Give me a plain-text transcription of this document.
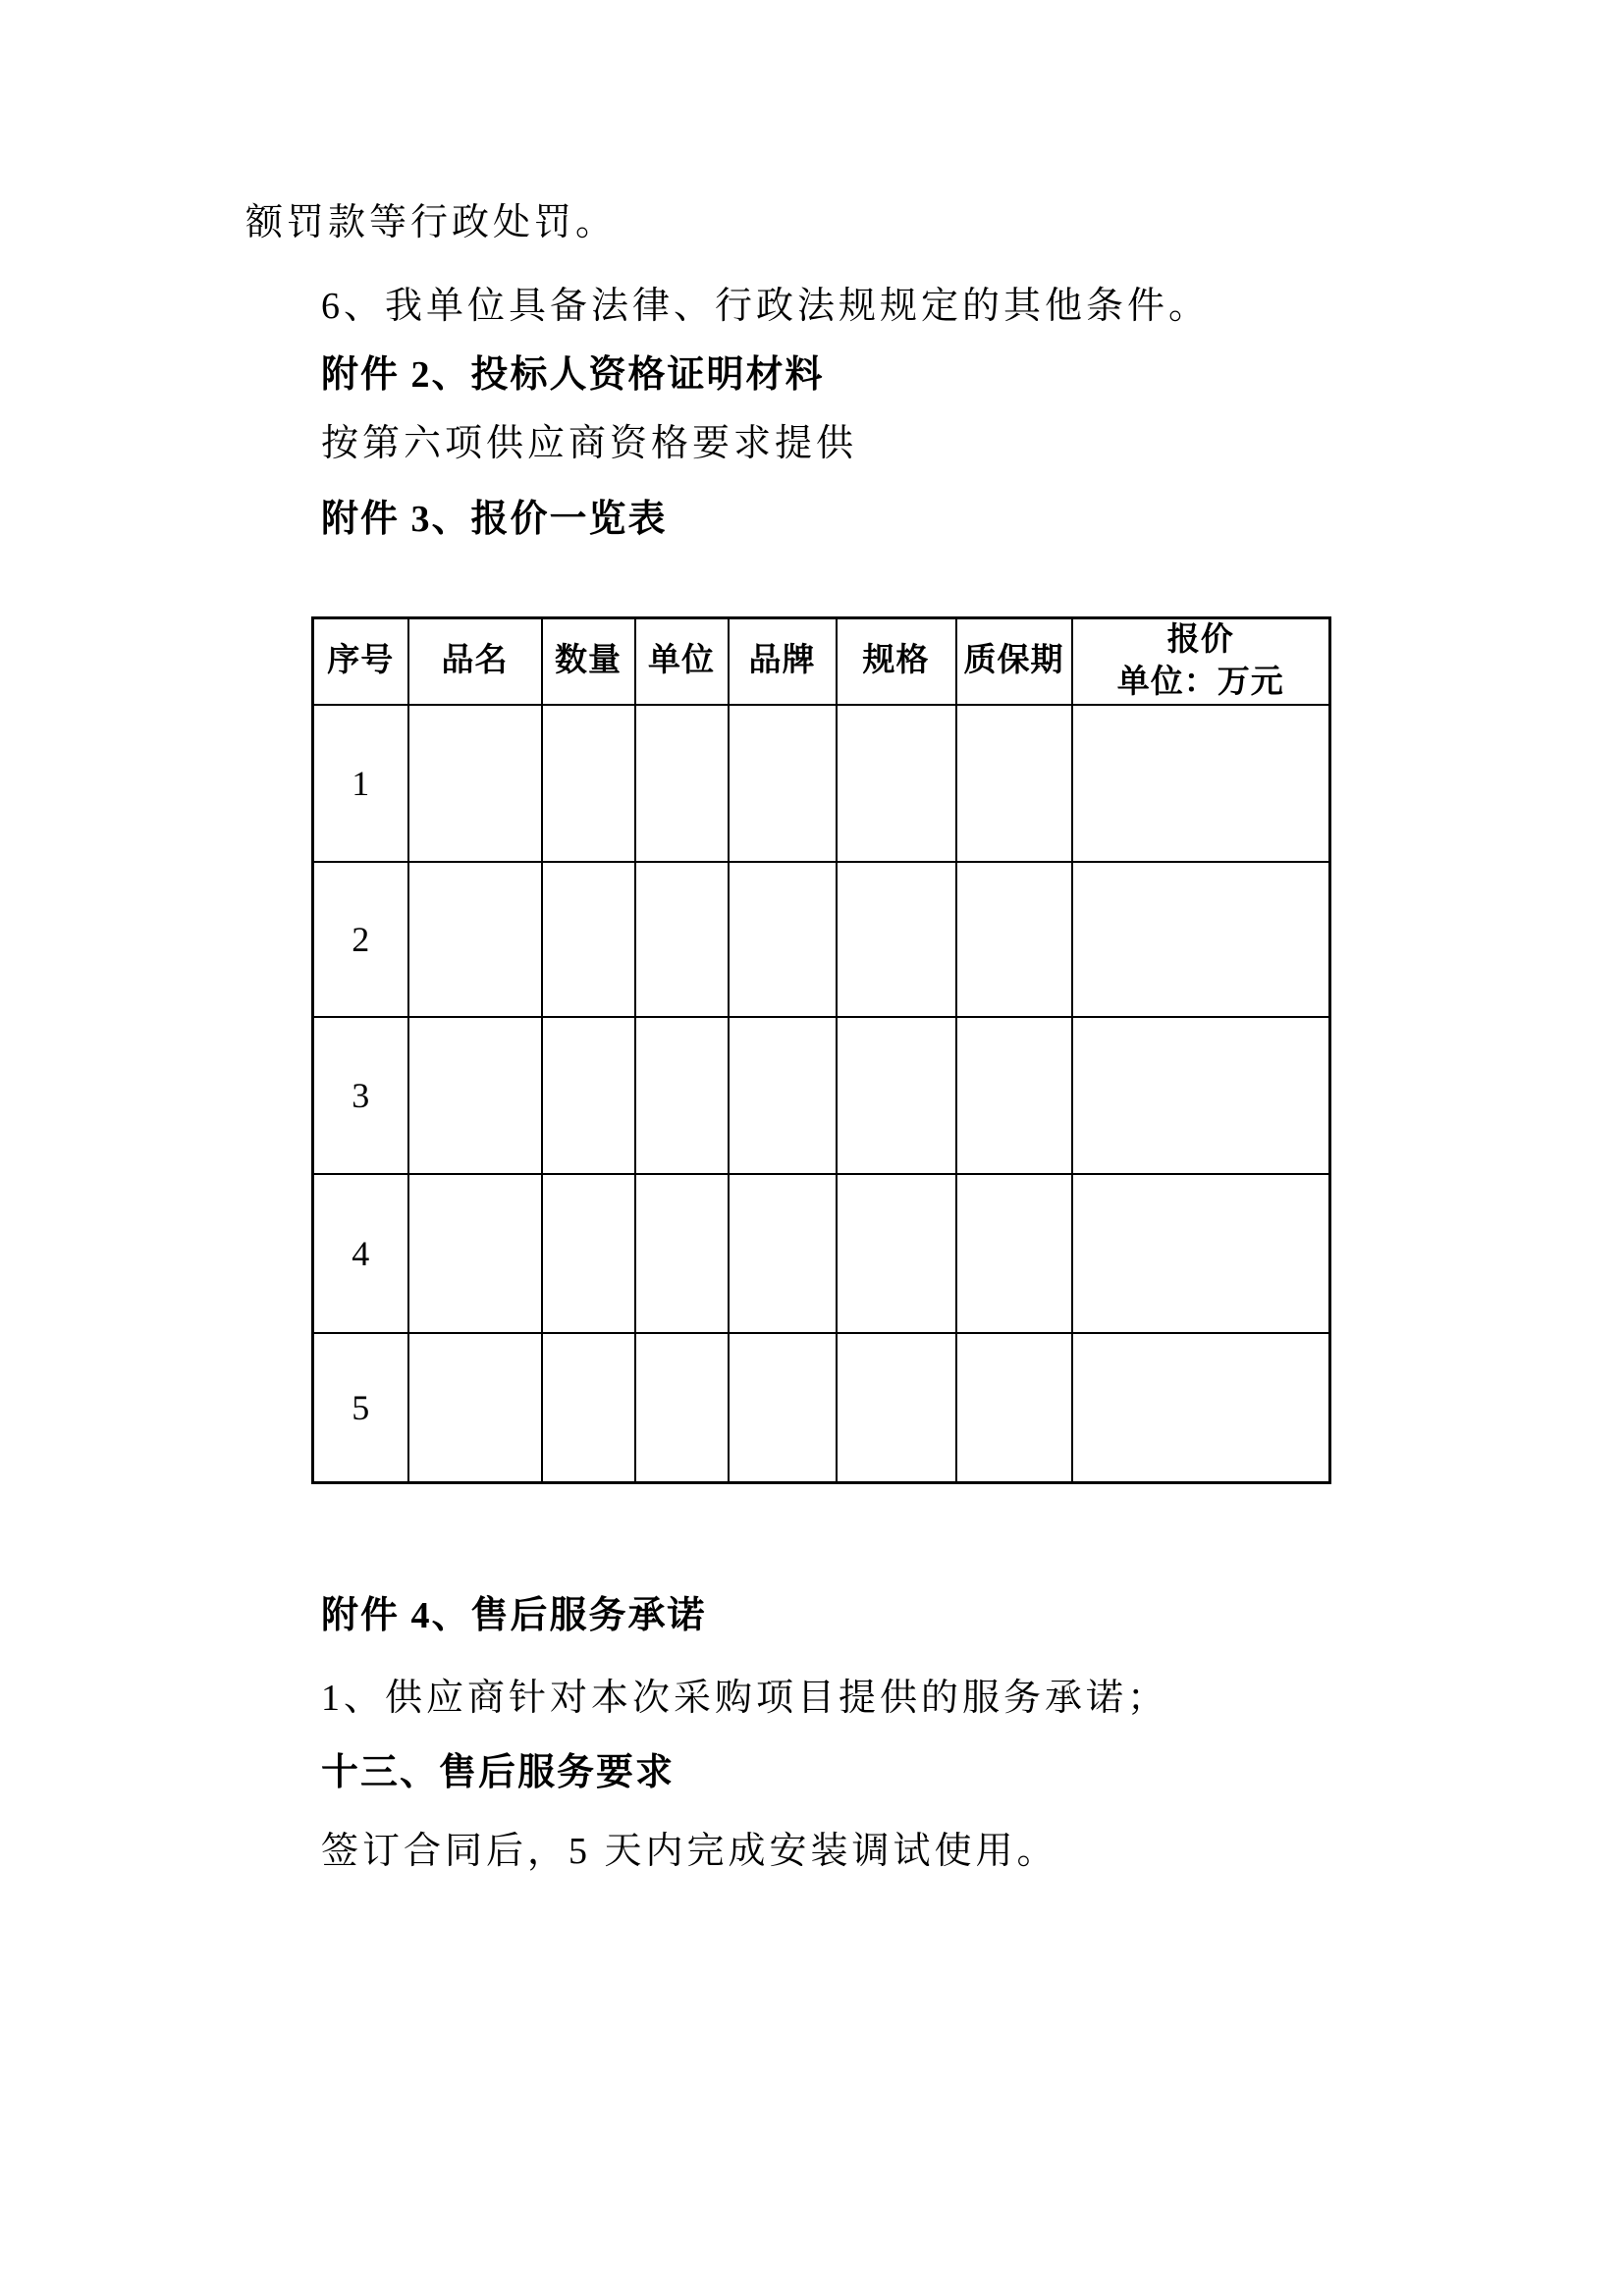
额罚款等行政处罚。
6、我单位具备法律、行政法规规定的其他条件。
附件 2、投标人资格证明材料
按第六项供应商资格要求提供
附件 3、报价一览表
序号	品名	数量	单位	品牌	规格	质保期	报价
单位：万元

1							
2							
3							
4							
5							
附件 4、售后服务承诺
1、供应商针对本次采购项目提供的服务承诺；
十三、售后服务要求
签订合同后，5 天内完成安装调试使用。
